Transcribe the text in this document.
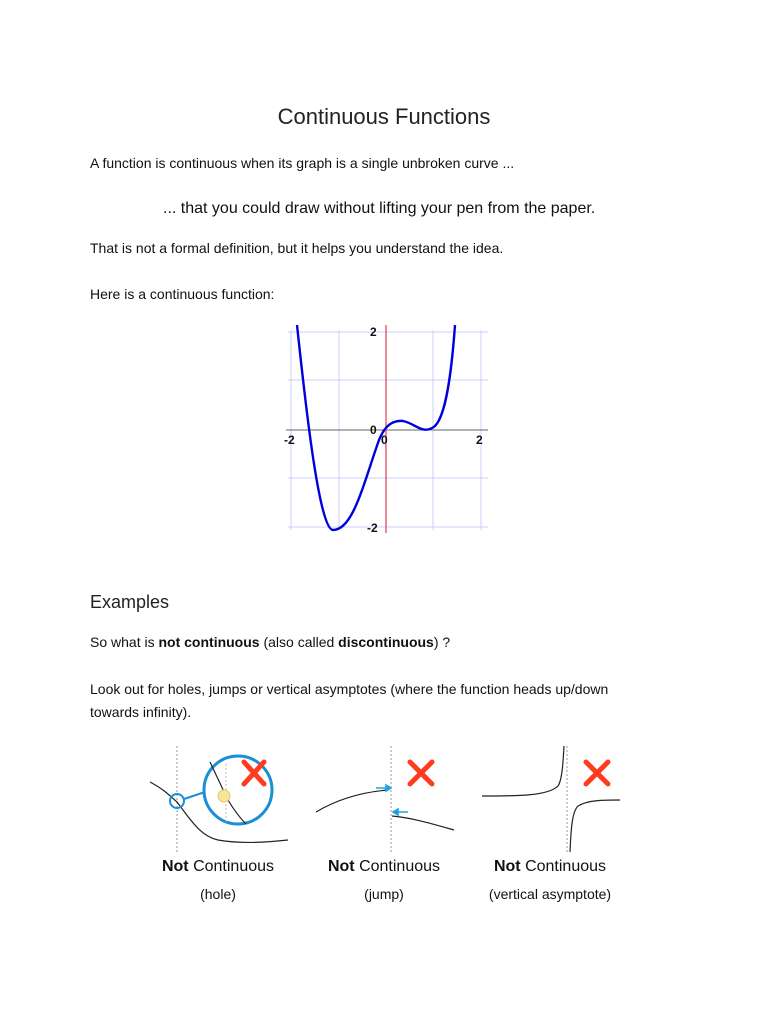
Continuous Functions
A function is continuous when its graph is a single unbroken curve ...
... that you could draw without lifting your pen from the paper.
That is not a formal definition, but it helps you understand the idea.
Here is a continuous function:
2
0
-2
-2	0	2
Examples
So what is not continuous (also called discontinuous) ?
Look out for holes, jumps or vertical asymptotes (where the function heads up/down
towards infinity).
Not Continuous
(hole)
Not Continuous
(jump)
Not Continuous
(vertical asymptote)
